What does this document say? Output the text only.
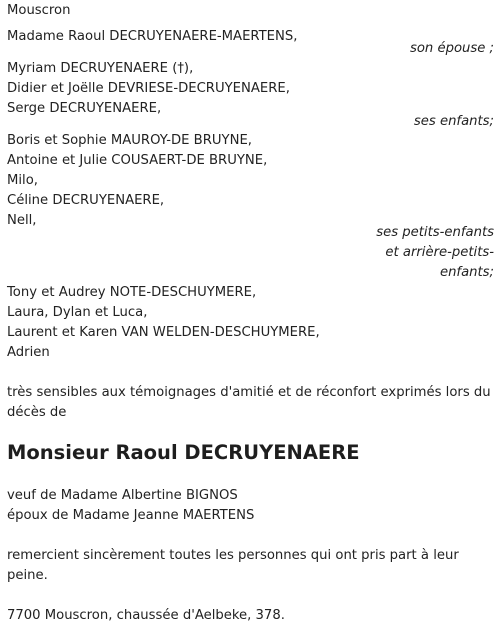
Mouscron
Madame Raoul DECRUYENAERE-MAERTENS,
son épouse ;
Myriam DECRUYENAERE (†),
Didier et Joëlle DEVRIESE-DECRUYENAERE,
Serge DECRUYENAERE,
ses enfants;
Boris et Sophie MAUROY-DE BRUYNE,
Antoine et Julie COUSAERT-DE BRUYNE,
Milo,
Céline DECRUYENAERE,
Nell,
ses petits-enfants
et arrière-petits-
enfants;
Tony et Audrey NOTE-DESCHUYMERE,
Laura, Dylan et Luca,
Laurent et Karen VAN WELDEN-DESCHUYMERE,
Adrien
très sensibles aux témoignages d'amitié et de réconfort exprimés lors du
décès de
Monsieur Raoul DECRUYENAERE
veuf de Madame Albertine BIGNOS
époux de Madame Jeanne MAERTENS
remercient sincèrement toutes les personnes qui ont pris part à leur
peine.
7700 Mouscron, chaussée d'Aelbeke, 378.
